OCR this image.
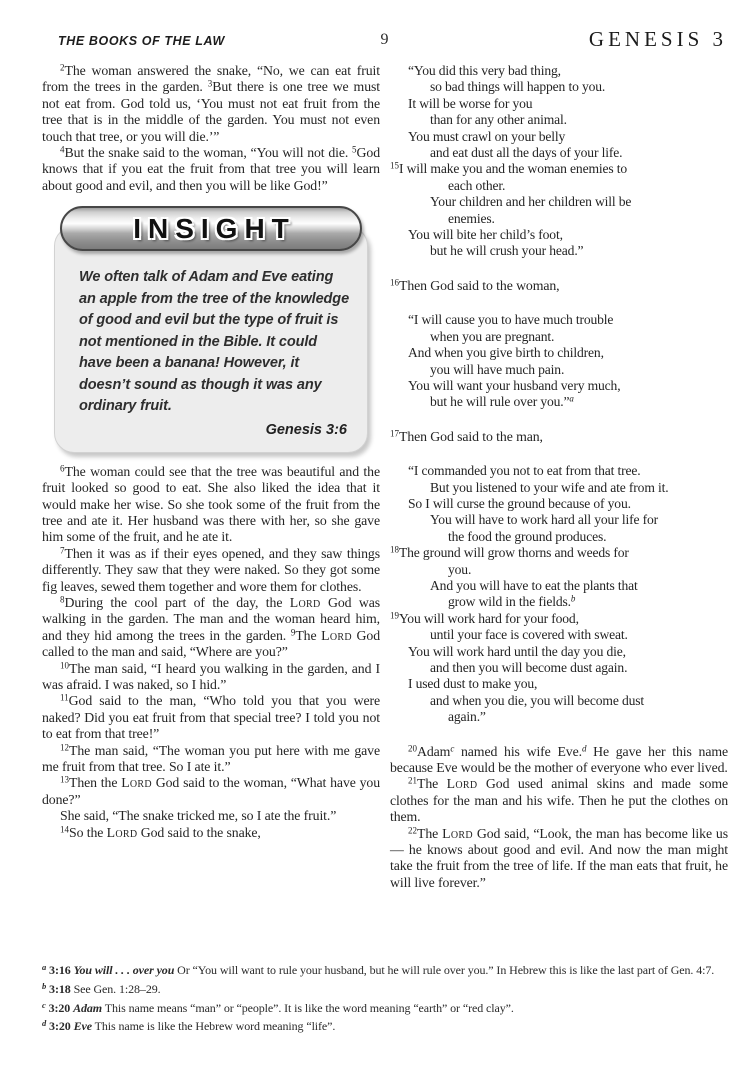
THE BOOKS OF THE LAW	9	GENESIS 3

$^2$The woman answered the snake, “No, we can eat fruit from the trees in the garden. $^3$But there is one tree we must not eat from. God told us, ‘You must not eat fruit from the tree that is in the middle of the garden. You must not even touch that tree, or you will die.’”

$^4$But the snake said to the woman, “You will not die. $^5$God knows that if you eat the fruit from that tree you will learn about good and evil, and then you will be like God!”

INSIGHT

We often talk of Adam and Eve eating an apple from the tree of the knowledge of good and evil but the type of fruit is not mentioned in the Bible. It could have been a banana! However, it doesn’t sound as though it was any ordinary fruit.

Genesis 3:6

$^6$The woman could see that the tree was beautiful and the fruit looked so good to eat. She also liked the idea that it would make her wise. So she took some of the fruit from the tree and ate it. Her husband was there with her, so she gave him some of the fruit, and he ate it.

$^7$Then it was as if their eyes opened, and they saw things differently. They saw that they were naked. So they got some fig leaves, sewed them together and wore them for clothes.

$^8$During the cool part of the day, the Lord God was walking in the garden. The man and the woman heard him, and they hid among the trees in the garden. $^9$The Lord God called to the man and said, “Where are you?”

$^{10}$The man said, “I heard you walking in the garden, and I was afraid. I was naked, so I hid.”

$^{11}$God said to the man, “Who told you that you were naked? Did you eat fruit from that special tree? I told you not to eat from that tree!”

$^{12}$The man said, “The woman you put here with me gave me fruit from that tree. So I ate it.”

$^{13}$Then the Lord God said to the woman, “What have you done?”

She said, “The snake tricked me, so I ate the fruit.”

$^{14}$So the Lord God said to the snake,

“You did this very bad thing,
so bad things will happen to you.
It will be worse for you
than for any other animal.
You must crawl on your belly
and eat dust all the days of your life.
$^{15}$I will make you and the woman enemies to
each other.
Your children and her children will be
enemies.
You will bite her child’s foot,
but he will crush your head.”

$^{16}$Then God said to the woman,

“I will cause you to have much trouble
when you are pregnant.
And when you give birth to children,
you will have much pain.
You will want your husband very much,
but he will rule over you.”$^a$

$^{17}$Then God said to the man,

“I commanded you not to eat from that tree.
But you listened to your wife and ate from it.
So I will curse the ground because of you.
You will have to work hard all your life for
the food the ground produces.
$^{18}$The ground will grow thorns and weeds for
you.
And you will have to eat the plants that
grow wild in the fields.$^b$
$^{19}$You will work hard for your food,
until your face is covered with sweat.
You will work hard until the day you die,
and then you will become dust again.
I used dust to make you,
and when you die, you will become dust
again.”

$^{20}$Adam$^c$ named his wife Eve.$^d$ He gave her this name because Eve would be the mother of everyone who ever lived.

$^{21}$The Lord God used animal skins and made some clothes for the man and his wife. Then he put the clothes on them.

$^{22}$The Lord God said, “Look, the man has become like us — he knows about good and evil. And now the man might take the fruit from the tree of life. If the man eats that fruit, he will live forever.”

$^a$ 3:16 You will . . . over you Or “You will want to rule your husband, but he will rule over you.” In Hebrew this is like the last part of Gen. 4:7.
$^b$ 3:18 See Gen. 1:28–29.
$^c$ 3:20 Adam This name means “man” or “people”. It is like the word meaning “earth” or “red clay”.
$^d$ 3:20 Eve This name is like the Hebrew word meaning “life”.
